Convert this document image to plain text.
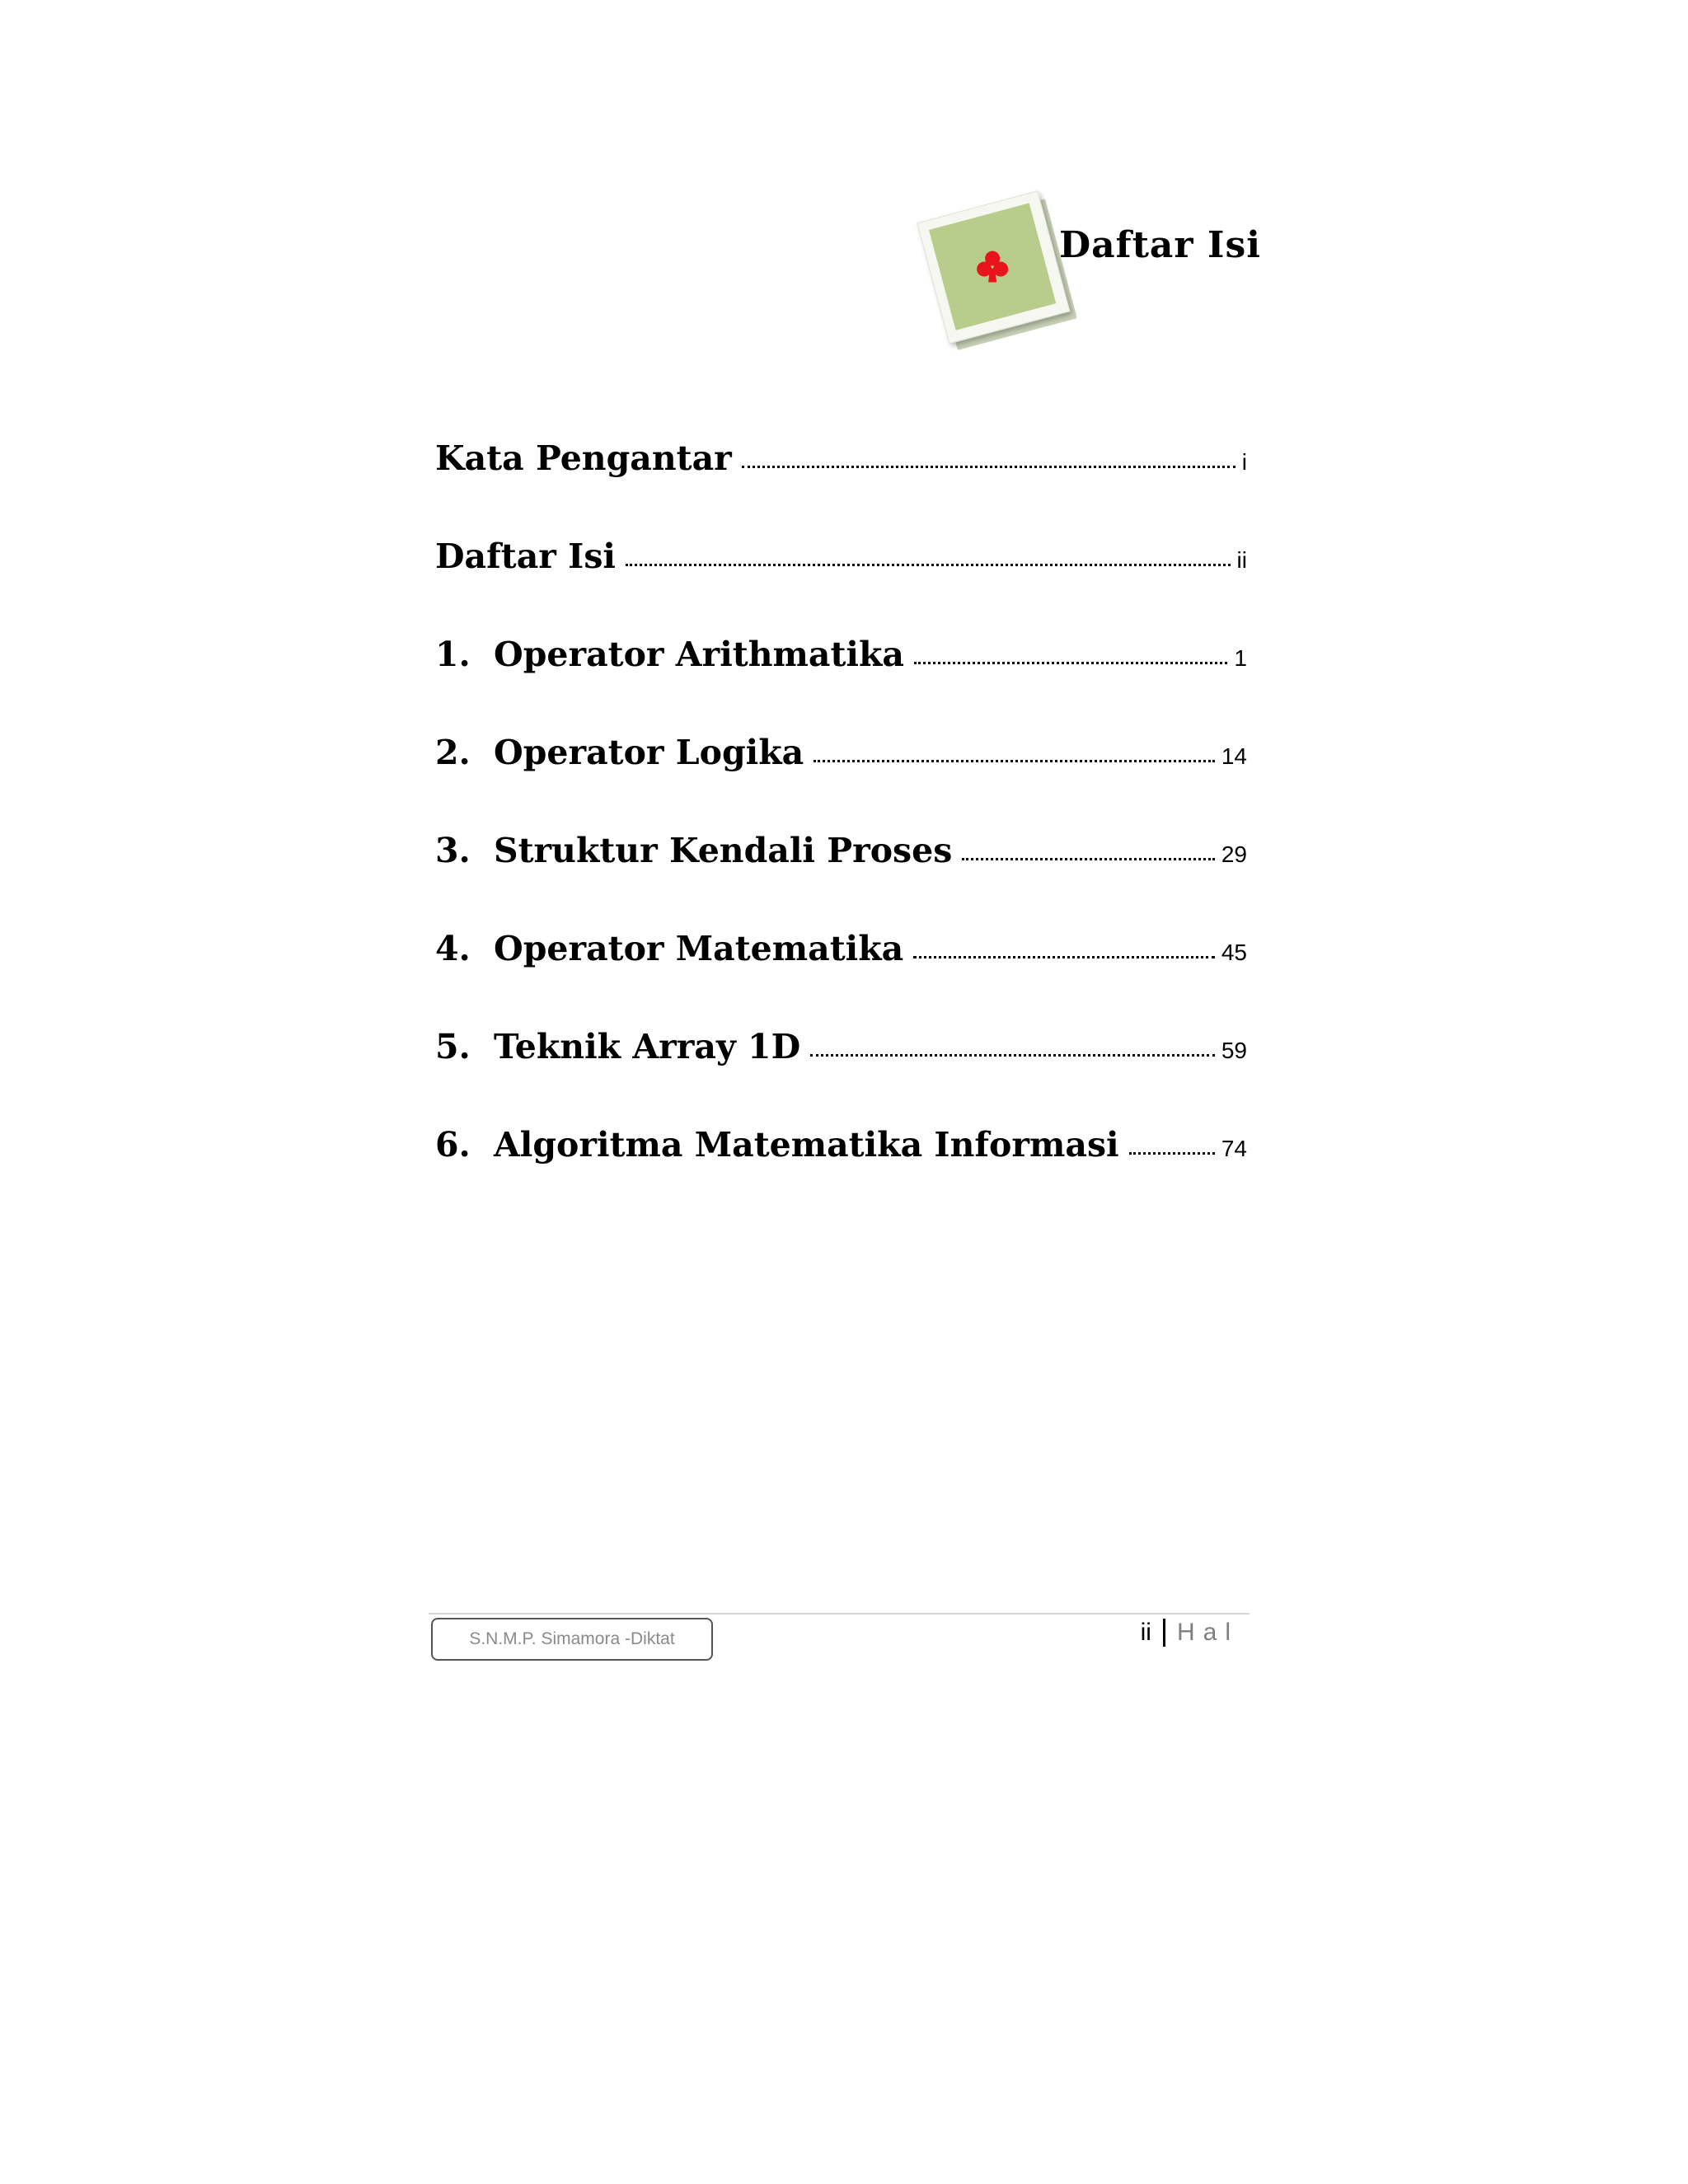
Daftar Isi
Kata Pengantar	i
Daftar Isi	ii
1. Operator Arithmatika	1
2. Operator Logika	14
3. Struktur Kendali Proses	29
4. Operator Matematika	45
5. Teknik Array 1D	59
6. Algoritma Matematika Informasi	74
S.N.M.P. Simamora -Diktat	ii Hal
